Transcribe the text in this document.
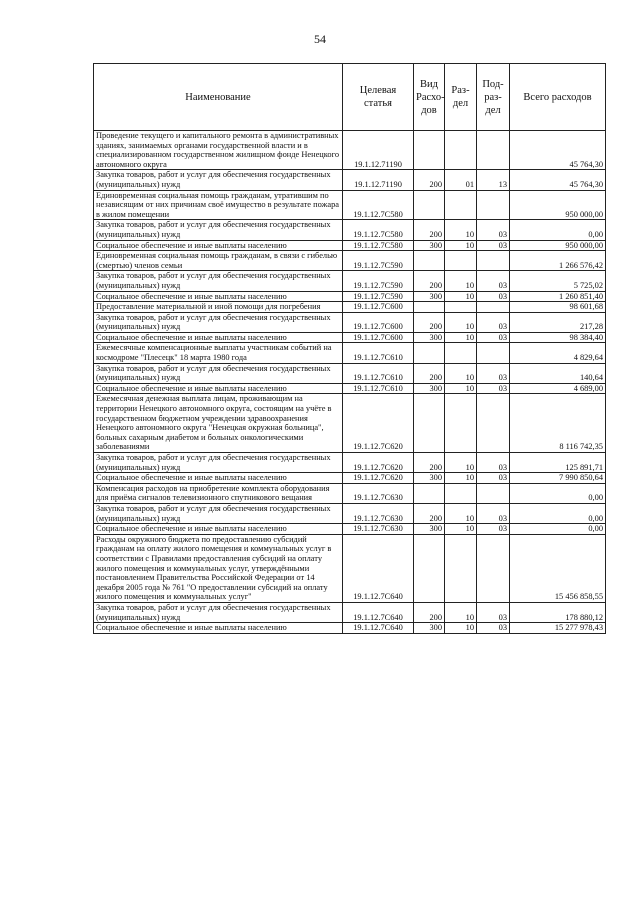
54
Наименование	Целевая статья	Вид Расхо-дов	Раз-дел	Под-раз-дел	Всего расходов
Проведение текущего и капитального ремонта в административных зданиях, занимаемых органами государственной власти и в специализированном государственном жилищном фонде Ненецкого автономного округа	19.1.12.71190				45 764,30
Закупка товаров, работ и услуг для обеспечения государственных (муниципальных) нужд	19.1.12.71190	200	01	13	45 764,30
Единовременная социальная помощь гражданам, утратившим по независящим от них причинам своё имущество в результате пожара в жилом помещении	19.1.12.7C580				950 000,00
Закупка товаров, работ и услуг для обеспечения государственных (муниципальных) нужд	19.1.12.7C580	200	10	03	0,00
Социальное обеспечение и иные выплаты населению	19.1.12.7C580	300	10	03	950 000,00
Единовременная социальная помощь гражданам, в связи с гибелью (смертью) членов семьи	19.1.12.7C590				1 266 576,42
Закупка товаров, работ и услуг для обеспечения государственных (муниципальных) нужд	19.1.12.7C590	200	10	03	5 725,02
Социальное обеспечение и иные выплаты населению	19.1.12.7C590	300	10	03	1 260 851,40
Предоставление материальной и иной помощи для погребения	19.1.12.7C600				98 601,68
Закупка товаров, работ и услуг для обеспечения государственных (муниципальных) нужд	19.1.12.7C600	200	10	03	217,28
Социальное обеспечение и иные выплаты населению	19.1.12.7C600	300	10	03	98 384,40
Ежемесячные компенсационные выплаты участникам событий на космодроме "Плесецк" 18 марта 1980 года	19.1.12.7C610				4 829,64
Закупка товаров, работ и услуг для обеспечения государственных (муниципальных) нужд	19.1.12.7C610	200	10	03	140,64
Социальное обеспечение и иные выплаты населению	19.1.12.7C610	300	10	03	4 689,00
Ежемесячная денежная выплата лицам, проживающим на территории Ненецкого автономного округа, состоящим на учёте в государственном бюджетном учреждении здравоохранения Ненецкого автономного округа "Ненецкая окружная больница", больных сахарным диабетом и больных онкологическими заболеваниями	19.1.12.7C620				8 116 742,35
Закупка товаров, работ и услуг для обеспечения государственных (муниципальных) нужд	19.1.12.7C620	200	10	03	125 891,71
Социальное обеспечение и иные выплаты населению	19.1.12.7C620	300	10	03	7 990 850,64
Компенсация расходов на приобретение комплекта оборудования для приёма сигналов телевизионного спутникового вещания	19.1.12.7C630				0,00
Закупка товаров, работ и услуг для обеспечения государственных (муниципальных) нужд	19.1.12.7C630	200	10	03	0,00
Социальное обеспечение и иные выплаты населению	19.1.12.7C630	300	10	03	0,00
Расходы окружного бюджета по предоставлению субсидий гражданам на оплату жилого помещения и коммунальных услуг в соответствии с Правилами предоставления субсидий на оплату жилого помещения и коммунальных услуг, утверждёнными постановлением Правительства Российской Федерации от 14 декабря 2005 года № 761 "О предоставлении субсидий на оплату жилого помещения и коммунальных услуг"	19.1.12.7C640				15 456 858,55
Закупка товаров, работ и услуг для обеспечения государственных (муниципальных) нужд	19.1.12.7C640	200	10	03	178 880,12
Социальное обеспечение и иные выплаты населению	19.1.12.7C640	300	10	03	15 277 978,43
